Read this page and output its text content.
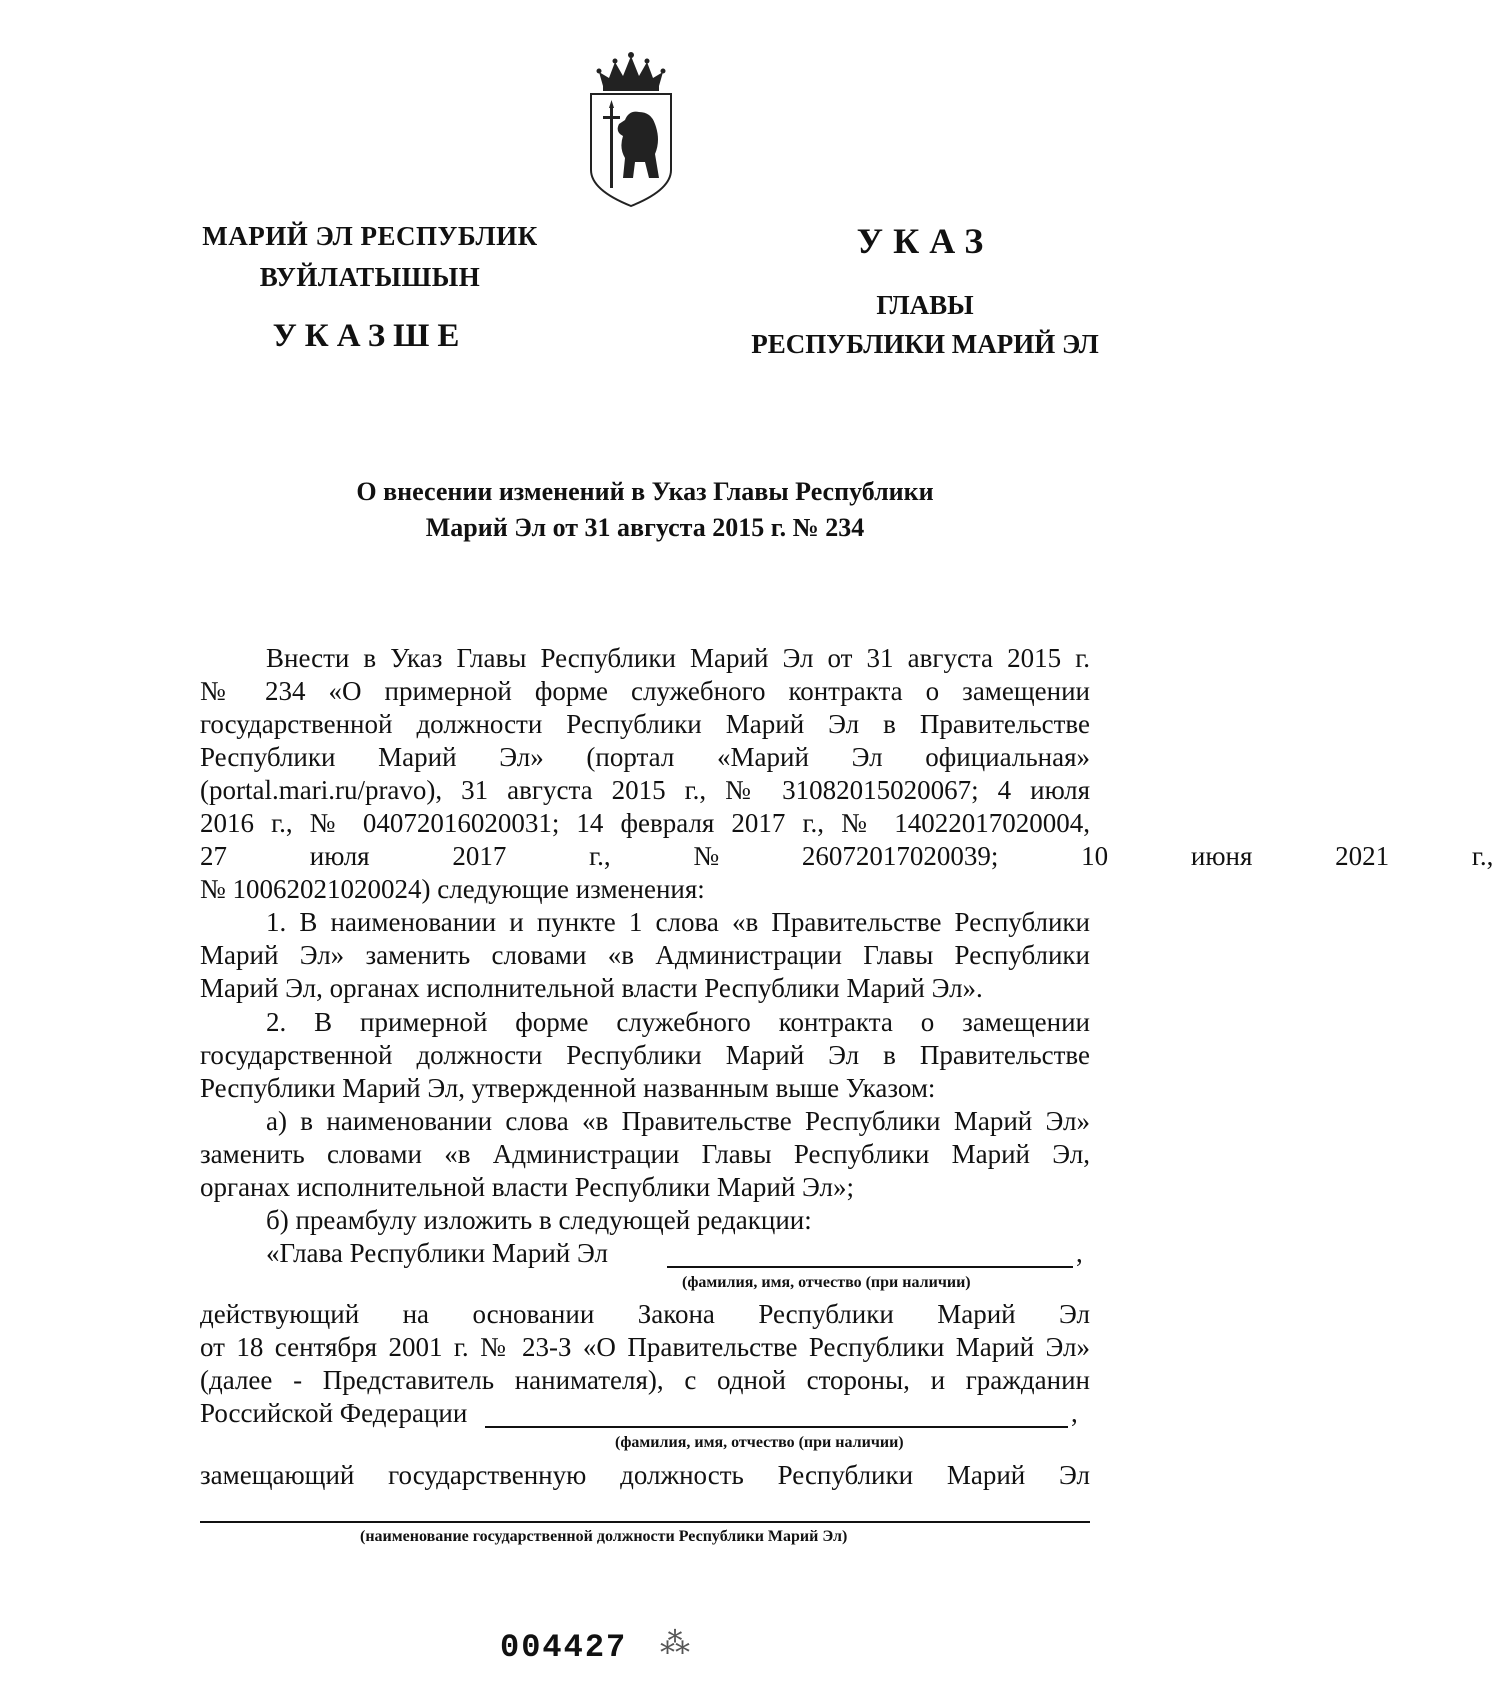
МАРИЙ ЭЛ РЕСПУБЛИК
ВУЙЛАТЫШЫН
УКАЗШЕ
УКАЗ
ГЛАВЫ
РЕСПУБЛИКИ МАРИЙ ЭЛ
О внесении изменений в Указ Главы Республики
Марий Эл от 31 августа 2015 г. № 234
Внести в Указ Главы Республики Марий Эл от 31 августа 2015 г.
№ 234 «О примерной форме служебного контракта о замещении
государственной должности Республики Марий Эл в Правительстве
Республики Марий Эл» (портал «Марий Эл официальная»
(portal.mari.ru/pravo), 31 августа 2015 г., № 31082015020067; 4 июля
2016 г., № 04072016020031; 14 февраля 2017 г., № 14022017020004,
27 июля 2017 г., № 26072017020039; 10 июня 2021 г.,
№ 10062021020024) следующие изменения:
1. В наименовании и пункте 1 слова «в Правительстве Республики
Марий Эл» заменить словами «в Администрации Главы Республики
Марий Эл, органах исполнительной власти Республики Марий Эл».
2. В примерной форме служебного контракта о замещении
государственной должности Республики Марий Эл в Правительстве
Республики Марий Эл, утвержденной названным выше Указом:
а) в наименовании слова «в Правительстве Республики Марий Эл»
заменить словами «в Администрации Главы Республики Марий Эл,
органах исполнительной власти Республики Марий Эл»;
б) преамбулу изложить в следующей редакции:
«Глава Республики Марий Эл	,
(фамилия, имя, отчество (при наличии)
действующий на основании Закона Республики Марий Эл
от 18 сентября 2001 г. № 23-З «О Правительстве Республики Марий Эл»
(далее - Представитель нанимателя), с одной стороны, и гражданин
Российской Федерации	,
(фамилия, имя, отчество (при наличии)
замещающий государственную должность Республики Марий Эл
(наименование государственной должности Республики Марий Эл)
004427 ⁂
